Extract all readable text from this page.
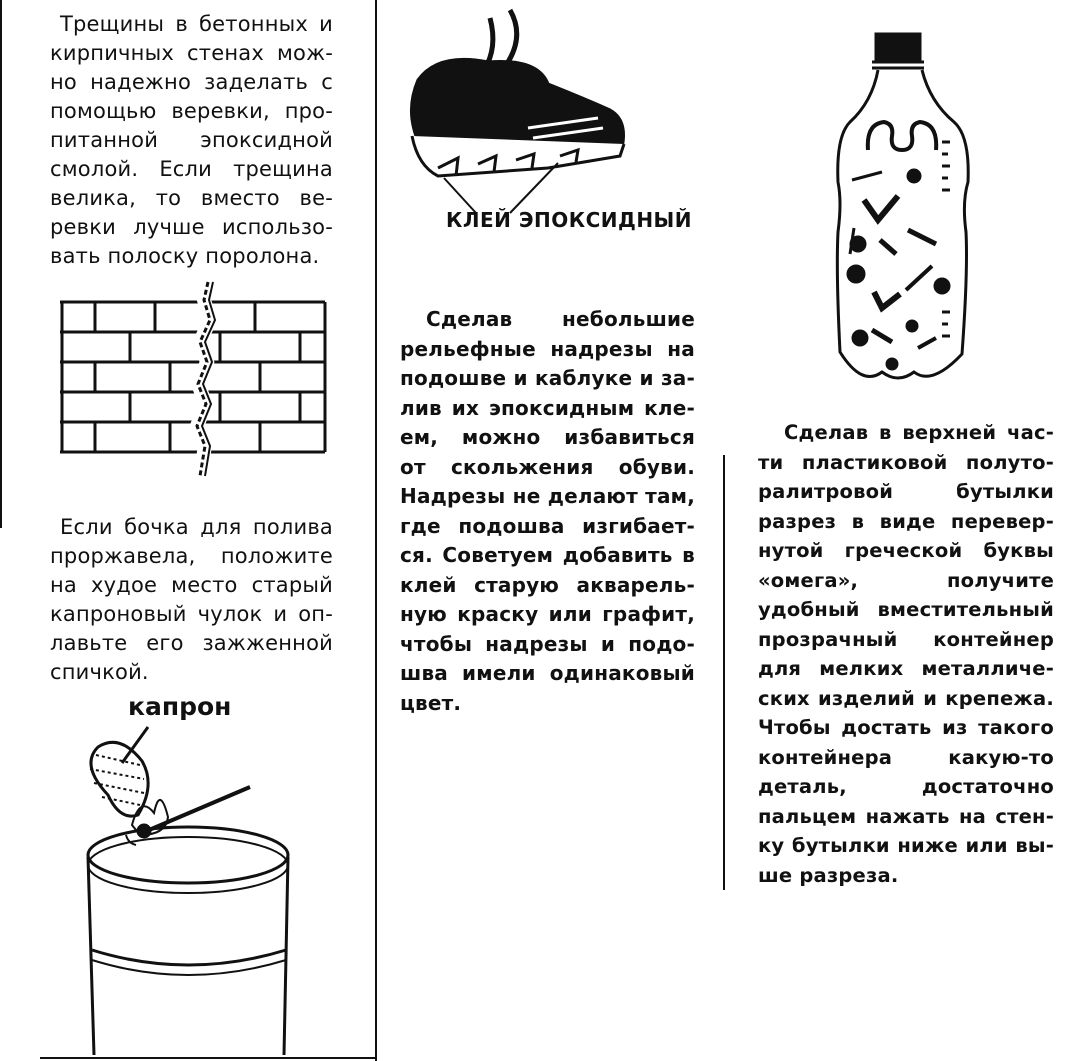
Трещины в бетонных и
кирпичных стенах мож-
но надежно заделать с
помощью веревки, про-
питанной эпоксидной
смолой. Если трещина
велика, то вместо ве-
ревки лучше использо-
вать полоску поролона.
Если бочка для полива
проржавела, положите
на худое место старый
капроновый чулок и оп-
лавьте его зажженной
спичкой.
капрон
КЛЕЙ ЭПОКСИДНЫЙ
Сделав небольшие
рельефные надрезы на
подошве и каблуке и за-
лив их эпоксидным кле-
ем, можно избавиться
от скольжения обуви.
Надрезы не делают там,
где подошва изгибает-
ся. Советуем добавить в
клей старую акварель-
ную краску или графит,
чтобы надрезы и подо-
шва имели одинаковый
цвет.
Сделав в верхней час-
ти пластиковой полуто-
ралитровой бутылки
разрез в виде перевер-
нутой греческой буквы
«омега», получите
удобный вместительный
прозрачный контейнер
для мелких металличе-
ских изделий и крепежа.
Чтобы достать из такого
контейнера какую-то
деталь, достаточно
пальцем нажать на стен-
ку бутылки ниже или вы-
ше разреза.
